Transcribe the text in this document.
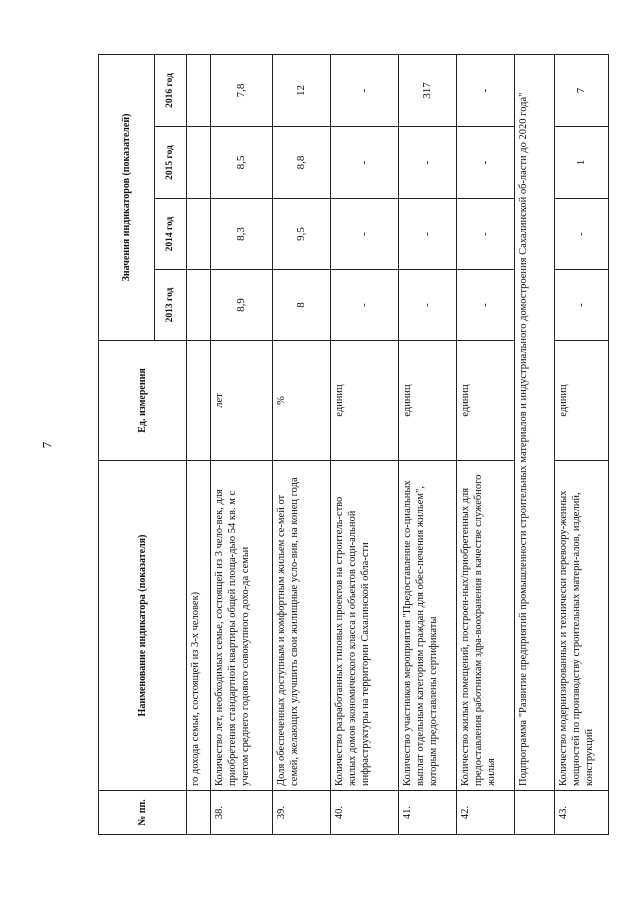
7
№ пп.	Наименование индикатора (показателя)	Ед. измерения	Значения индикаторов (показателей)			
			2013 год	2014 год	2015 год	2016 год
	го дохода семьи, состоящей из 3-х человек)					
38.	Количество лет, необходимых семье, состоящей из 3 чело-век, для приобретения стандартной квартиры общей площа-дью 54 кв. м с учетом среднего годового совокупного дохо-да семьи	лет	8,9	8,3	8,5	7,8
39.	Доля обеспеченных доступным и комфортным жильем се-мей от семей, желающих улучшить свои жилищные усло-вия, на конец года	%	8	9,5	8,8	12
40.	Количество разработанных типовых проектов на строитель-ство жилых домов экономического класса и объектов соци-альной инфраструктуры на территории Сахалинской обла-сти	единиц	-	-	-	-
41.	Количество участников мероприятия "Предоставление со-циальных выплат отдельным категориям граждан для обес-печения жильем", которым предоставлены сертификаты	единиц	-	-	-	317
42.	Количество жилых помещений, построен-ных/приобретенных для предоставления работникам здра-воохранения в качестве служебного жилья	единиц	-	-	-	-
	Подпрограмма "Развитие предприятий промышленности строительных материалов и индустриального домостроения Сахалинской об-ласти до 2020 года"					
43.	Количество модернизированных и технически перевоору-женных мощностей по производству строительных матери-алов, изделий, конструкций	единиц	-	-	1	7
